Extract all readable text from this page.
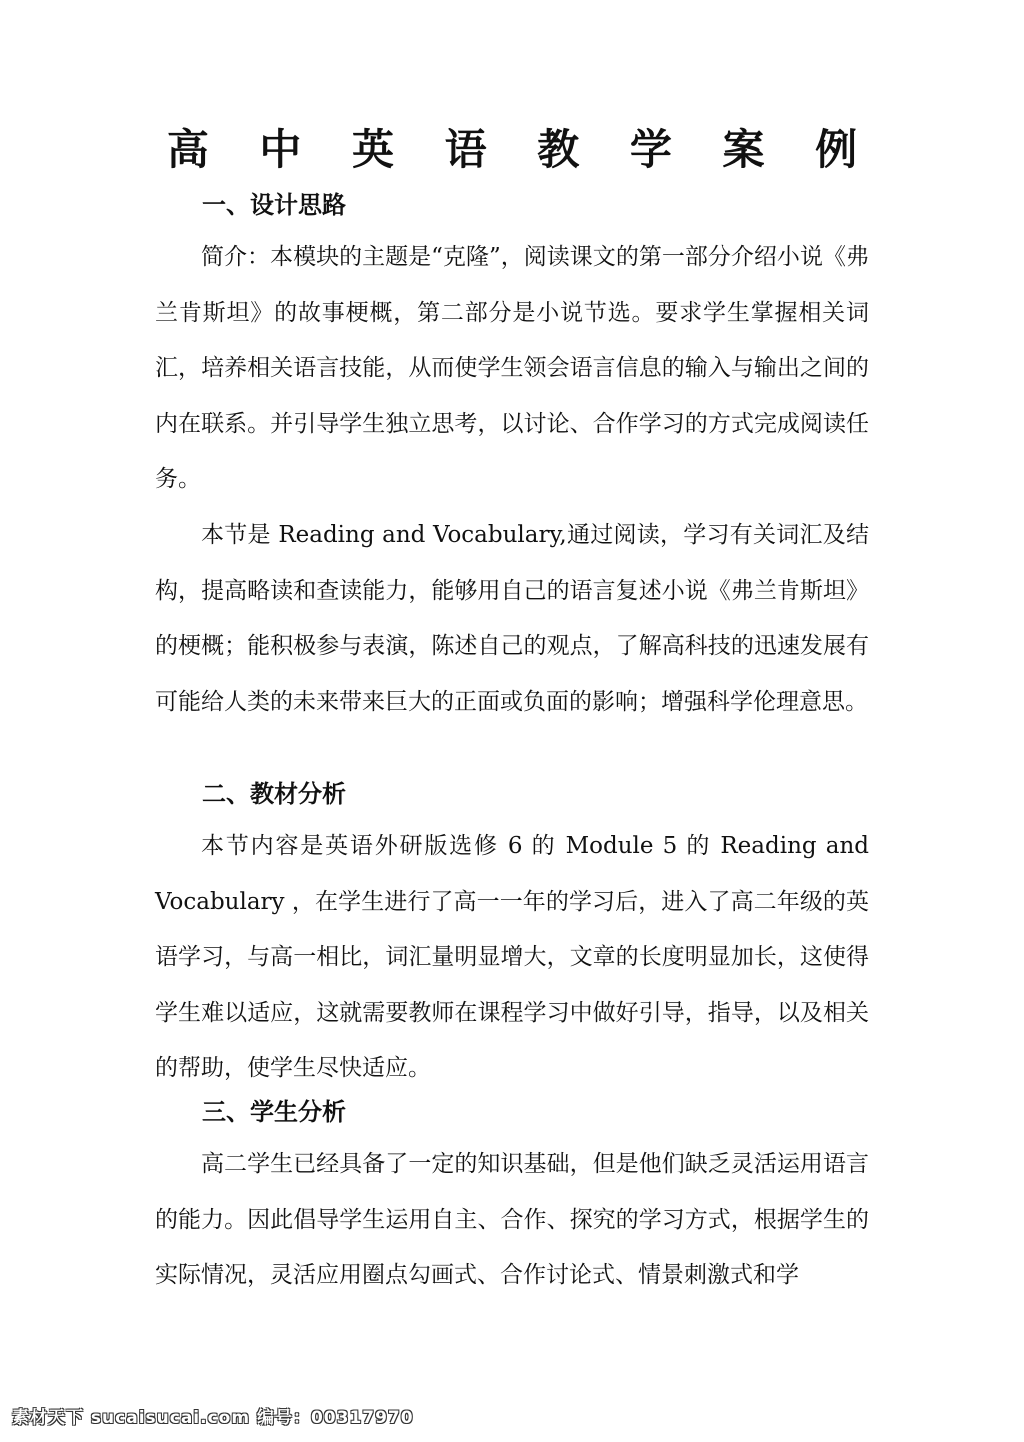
高 中 英 语 教 学 案 例
一、设计思路
简介：本模块的主题是“克隆”，阅读课文的第一部分介绍小说《弗兰肯斯坦》的故事梗概，第二部分是小说节选。要求学生掌握相关词汇，培养相关语言技能，从而使学生领会语言信息的输入与输出之间的内在联系。并引导学生独立思考，以讨论、合作学习的方式完成阅读任务。
本节是 Reading and Vocabulary,通过阅读，学习有关词汇及结构，提高略读和查读能力，能够用自己的语言复述小说《弗兰肯斯坦》的梗概；能积极参与表演，陈述自己的观点，了解高科技的迅速发展有可能给人类的未来带来巨大的正面或负面的影响；增强科学伦理意思。
二、教材分析
本节内容是英语外研版选修 6 的 Module 5 的 Reading and Vocabulary ，在学生进行了高一一年的学习后，进入了高二年级的英语学习，与高一相比，词汇量明显增大，文章的长度明显加长，这使得学生难以适应，这就需要教师在课程学习中做好引导，指导，以及相关的帮助，使学生尽快适应。
三、学生分析
高二学生已经具备了一定的知识基础，但是他们缺乏灵活运用语言的能力。因此倡导学生运用自主、合作、探究的学习方式，根据学生的实际情况，灵活应用圈点勾画式、合作讨论式、情景刺激式和学
素材天下 sucaisucai.com 编号：00317970
